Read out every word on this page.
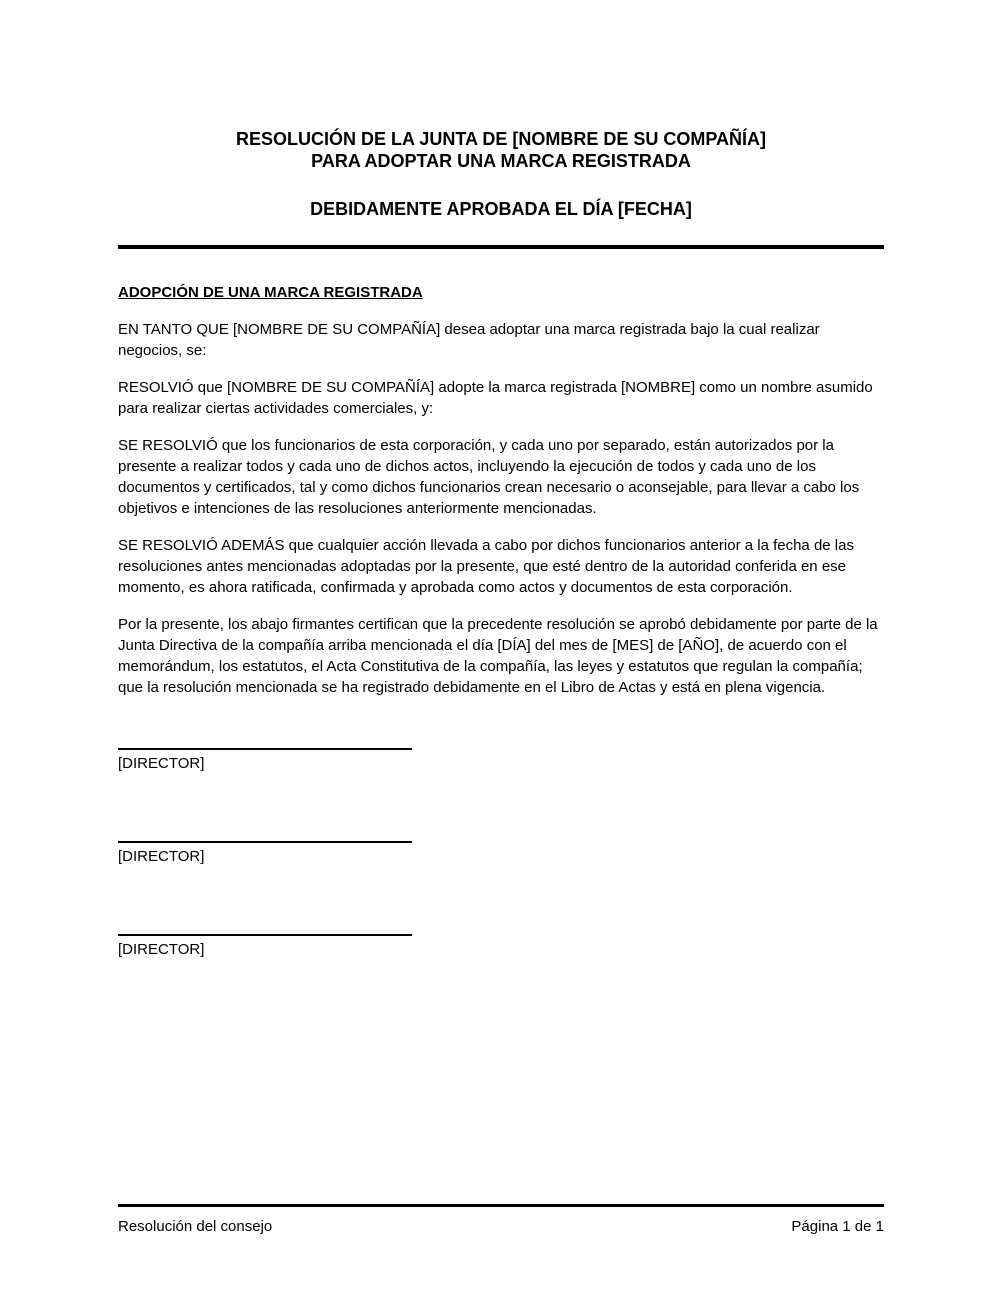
RESOLUCIÓN DE LA JUNTA DE [NOMBRE DE SU COMPAÑÍA]
PARA ADOPTAR UNA MARCA REGISTRADA
DEBIDAMENTE APROBADA EL DÍA [FECHA]
ADOPCIÓN DE UNA MARCA REGISTRADA

EN TANTO QUE [NOMBRE DE SU COMPAÑÍA] desea adoptar una marca registrada bajo la cual realizar negocios, se:

RESOLVIÓ que [NOMBRE DE SU COMPAÑÍA] adopte la marca registrada [NOMBRE] como un nombre asumido para realizar ciertas actividades comerciales, y:

SE RESOLVIÓ que los funcionarios de esta corporación, y cada uno por separado, están autorizados por la presente a realizar todos y cada uno de dichos actos, incluyendo la ejecución de todos y cada uno de los documentos y certificados, tal y como dichos funcionarios crean necesario o aconsejable, para llevar a cabo los objetivos e intenciones de las resoluciones anteriormente mencionadas.

SE RESOLVIÓ ADEMÁS que cualquier acción llevada a cabo por dichos funcionarios anterior a la fecha de las resoluciones antes mencionadas adoptadas por la presente, que esté dentro de la autoridad conferida en ese momento, es ahora ratificada, confirmada y aprobada como actos y documentos de esta corporación.

Por la presente, los abajo firmantes certifican que la precedente resolución se aprobó debidamente por parte de la Junta Directiva de la compañía arriba mencionada el día [DÍA] del mes de [MES] de [AÑO], de acuerdo con el memorándum, los estatutos, el Acta Constitutiva de la compañía, las leyes y estatutos que regulan la compañía; que la resolución mencionada se ha registrado debidamente en el Libro de Actas y está en plena vigencia.

[DIRECTOR]
[DIRECTOR]
[DIRECTOR]
Resolución del consejo	Página 1 de 1
